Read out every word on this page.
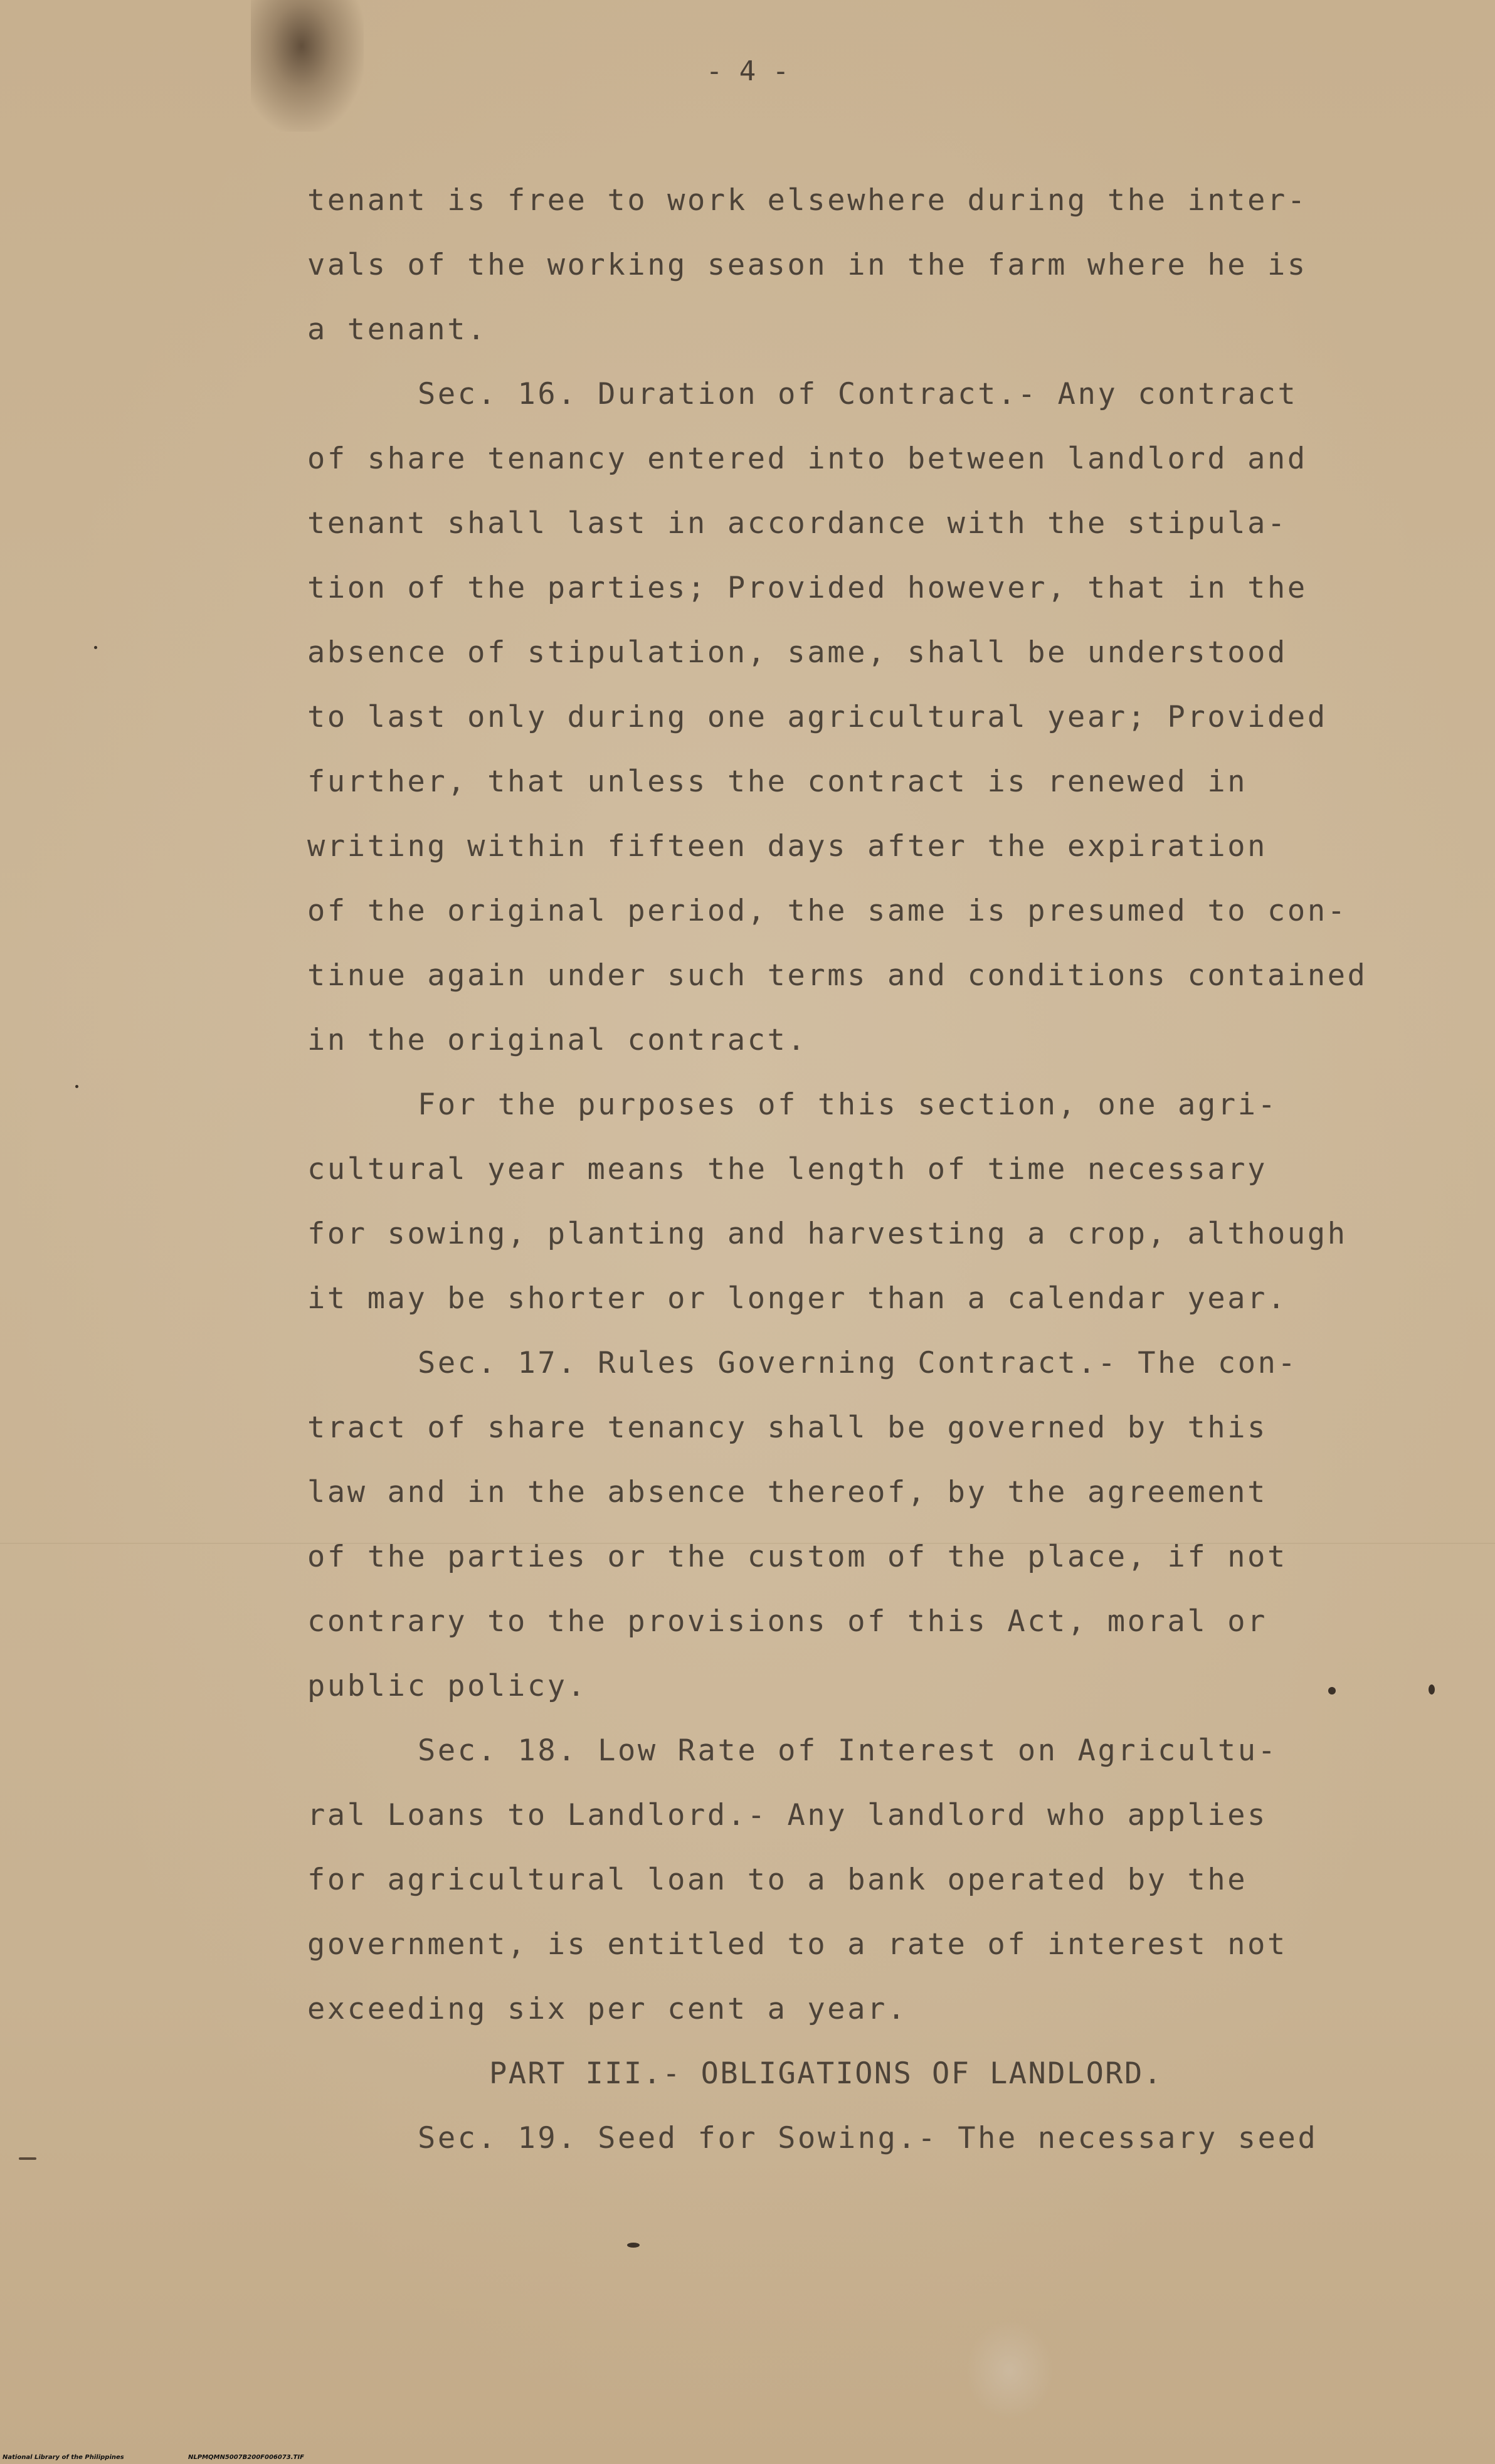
- 4 -
tenant is free to work elsewhere during the inter-
vals of the working season in the farm where he is
a tenant.
Sec. 16. Duration of Contract.- Any contract
of share tenancy entered into between landlord and
tenant shall last in accordance with the stipula-
tion of the parties; Provided however, that in the
absence of stipulation, same, shall be understood
to last only during one agricultural year; Provided
further, that unless the contract is renewed in
writing within fifteen days after the expiration
of the original period, the same is presumed to con-
tinue again under such terms and conditions contained
in the original contract.
For the purposes of this section, one agri-
cultural year means the length of time necessary
for sowing, planting and harvesting a crop, although
it may be shorter or longer than a calendar year.
Sec. 17. Rules Governing Contract.- The con-
tract of share tenancy shall be governed by this
law and in the absence thereof, by the agreement
of the parties or the custom of the place, if not
contrary to the provisions of this Act, moral or
public policy.
Sec. 18. Low Rate of Interest on Agricultu-
ral Loans to Landlord.- Any landlord who applies
for agricultural loan to a bank operated by the
government, is entitled to a rate of interest not
exceeding six per cent a year.
PART III.- OBLIGATIONS OF LANDLORD.
Sec. 19. Seed for Sowing.- The necessary seed
National Library of the Philippines	NLPMQMN5007B200F006073.TIF
